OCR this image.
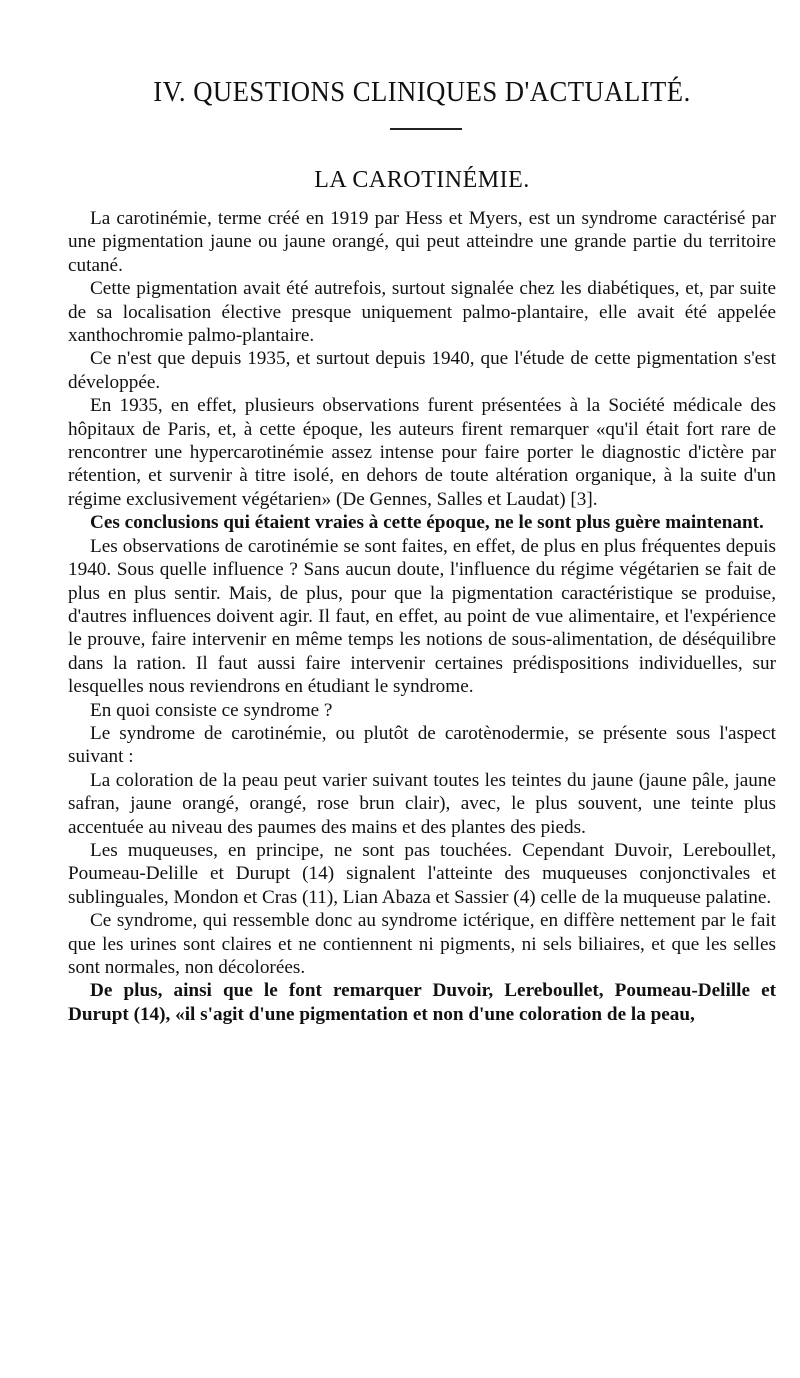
IV. QUESTIONS CLINIQUES D'ACTUALITÉ.
LA CAROTINÉMIE.

La carotinémie, terme créé en 1919 par Hess et Myers, est un syndrome caractérisé par une pigmentation jaune ou jaune orangé, qui peut atteindre une grande partie du territoire cutané.

Cette pigmentation avait été autrefois, surtout signalée chez les diabétiques, et, par suite de sa localisation élective presque uniquement palmo-plantaire, elle avait été appelée xanthochromie palmo-plantaire.

Ce n'est que depuis 1935, et surtout depuis 1940, que l'étude de cette pigmentation s'est développée.

En 1935, en effet, plusieurs observations furent présentées à la Société médicale des hôpitaux de Paris, et, à cette époque, les auteurs firent remarquer «qu'il était fort rare de rencontrer une hypercarotinémie assez intense pour faire porter le diagnostic d'ictère par rétention, et survenir à titre isolé, en dehors de toute altération organique, à la suite d'un régime exclusivement végétarien» (De Gennes, Salles et Laudat) [3].

Ces conclusions qui étaient vraies à cette époque, ne le sont plus guère maintenant.

Les observations de carotinémie se sont faites, en effet, de plus en plus fréquentes depuis 1940. Sous quelle influence ? Sans aucun doute, l'influence du régime végétarien se fait de plus en plus sentir. Mais, de plus, pour que la pigmentation caractéristique se produise, d'autres influences doivent agir. Il faut, en effet, au point de vue alimentaire, et l'expérience le prouve, faire intervenir en même temps les notions de sous-alimentation, de déséquilibre dans la ration. Il faut aussi faire intervenir certaines prédispositions individuelles, sur lesquelles nous reviendrons en étudiant le syndrome.

En quoi consiste ce syndrome ?

Le syndrome de carotinémie, ou plutôt de carotènodermie, se présente sous l'aspect suivant :

La coloration de la peau peut varier suivant toutes les teintes du jaune (jaune pâle, jaune safran, jaune orangé, orangé, rose brun clair), avec, le plus souvent, une teinte plus accentuée au niveau des paumes des mains et des plantes des pieds.

Les muqueuses, en principe, ne sont pas touchées. Cependant Duvoir, Lereboullet, Poumeau-Delille et Durupt (14) signalent l'atteinte des muqueuses conjonctivales et sublinguales, Mondon et Cras (11), Lian Abaza et Sassier (4) celle de la muqueuse palatine.

Ce syndrome, qui ressemble donc au syndrome ictérique, en diffère nettement par le fait que les urines sont claires et ne contiennent ni pigments, ni sels biliaires, et que les selles sont normales, non décolorées.

De plus, ainsi que le font remarquer Duvoir, Lereboullet, Poumeau-Delille et Durupt (14), «il s'agit d'une pigmentation et non d'une coloration de la peau,
